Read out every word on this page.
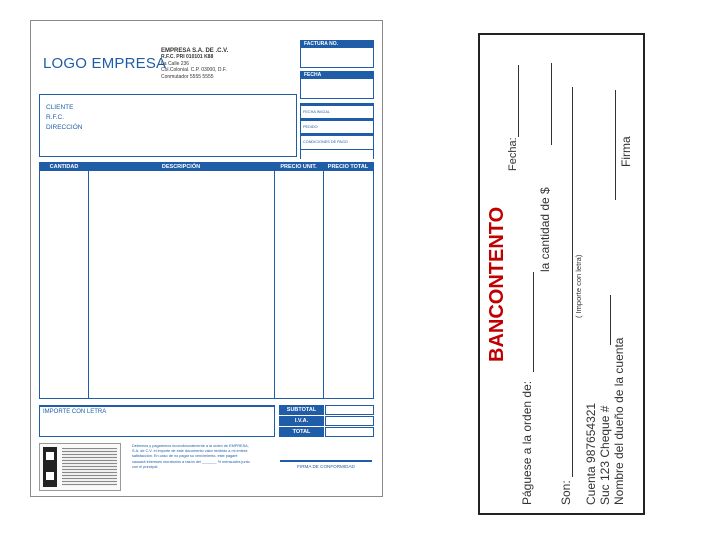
LOGO EMPRESA
EMPRESA S.A. DE .C.V.
R.F.C. PRI 010101 K88
La Calle 236
Col.Colonial. C.P. 03000, D.F.
Conmutador 5555 5555
FACTURA NO.
FECHA
CLIENTE
R.F.C.
DIRECCIÓN
FECHA INICIAL
PEDIDO
CONDICIONES DE PAGO
CANTIDAD	DESCRIPCIÓN	PRECIO UNIT.	PRECIO TOTAL
IMPORTE CON LETRA	SUBTOTAL
I.V.A.
TOTAL
Debemos y pagaremos incondicionalmente a la orden de EMPRESA, S.A. de C.V. el importe de este documento valor recibido a mi entera satisfacción. En caso de no pagar su vencimiento, este pagaré causará intereses moratorios a razón del _______ % mensuales junto con el principal.	FIRMA DE CONFORMIDAD
BANCONTENTO
Fecha:
la cantidad de $
Páguese a la orden de: Son:
( Importe con letra)
Cuenta 987654321 Suc 123 Cheque # Nombre del dueño de la cuenta
Firma
